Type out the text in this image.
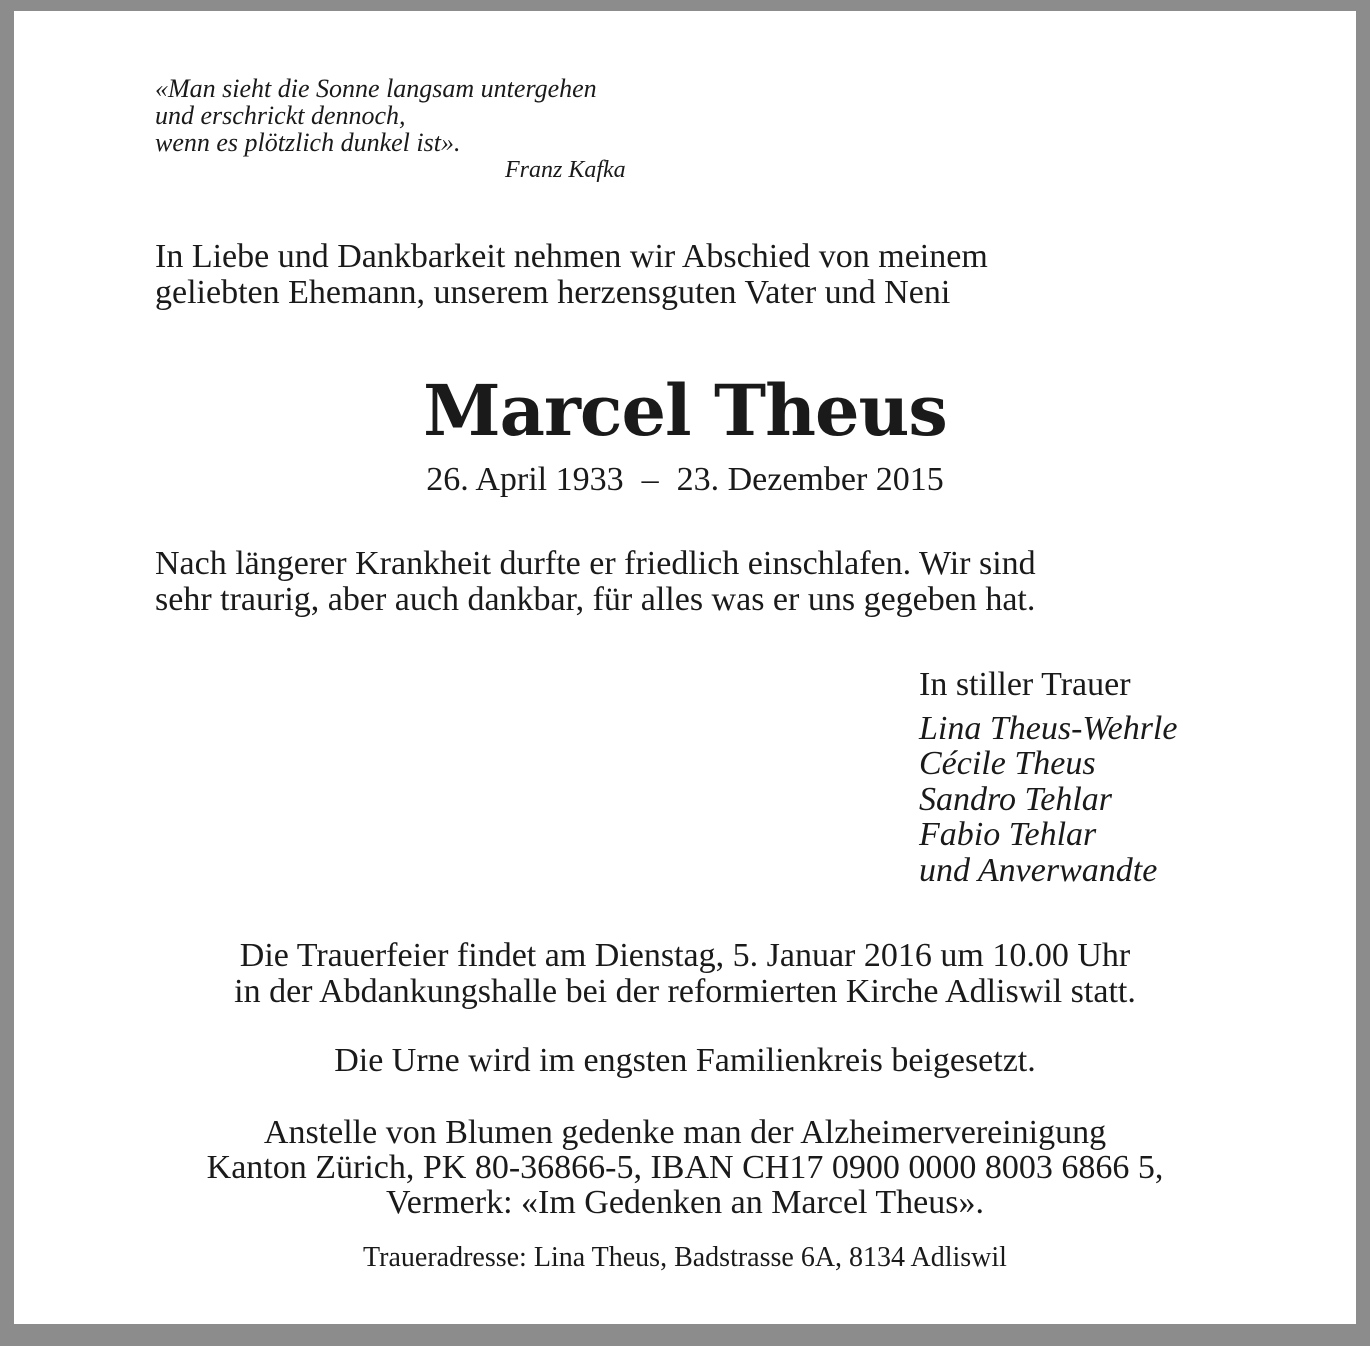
«Man sieht die Sonne langsam untergehen
und erschrickt dennoch,
wenn es plötzlich dunkel ist».
Franz Kafka
In Liebe und Dankbarkeit nehmen wir Abschied von meinem
geliebten Ehemann, unserem herzensguten Vater und Neni
Marcel Theus
26. April 1933 – 23. Dezember 2015
Nach längerer Krankheit durfte er friedlich einschlafen. Wir sind
sehr traurig, aber auch dankbar, für alles was er uns gegeben hat.
In stiller Trauer
Lina Theus-Wehrle
Cécile Theus
Sandro Tehlar
Fabio Tehlar
und Anverwandte
Die Trauerfeier findet am Dienstag, 5. Januar 2016 um 10.00 Uhr
in der Abdankungshalle bei der reformierten Kirche Adliswil statt.
Die Urne wird im engsten Familienkreis beigesetzt.
Anstelle von Blumen gedenke man der Alzheimervereinigung
Kanton Zürich, PK 80-36866-5, IBAN CH17 0900 0000 8003 6866 5,
Vermerk: «Im Gedenken an Marcel Theus».
Traueradresse: Lina Theus, Badstrasse 6A, 8134 Adliswil
